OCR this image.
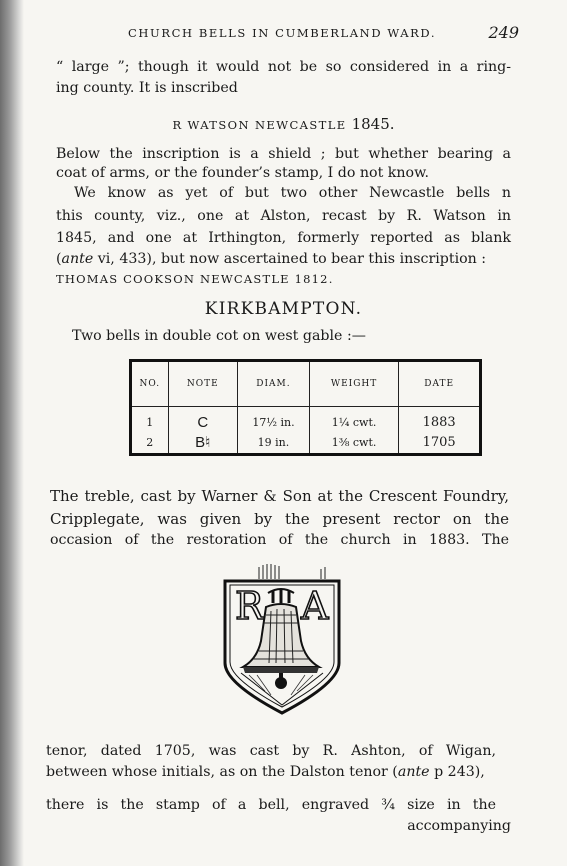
CHURCH BELLS IN CUMBERLAND WARD.	249
“ large ”; though it would not be so considered in a ring-
ing county. It is inscribed
R WATSON NEWCASTLE 1845.
Below the inscription is a shield ; but whether bearing a
coat of arms, or the founder’s stamp, I do not know.
We know as yet of but two other Newcastle bells n
this county, viz., one at Alston, recast by R. Watson in
1845, and one at Irthington, formerly reported as blank
(ante vi, 433), but now ascertained to bear this inscription :
THOMAS COOKSON NEWCASTLE 1812.
KIRKBAMPTON.
Two bells in double cot on west gable :—
NO.	NOTE	DIAM.	WEIGHT	DATE
1	C	17½ in.	1¼ cwt.	1883
2	B♮	19 in.	1⅜ cwt.	1705
The treble, cast by Warner & Son at the Crescent Foundry,
Cripplegate, was given by the present rector on the
occasion of the restoration of the church in 1883. The
R A
tenor, dated 1705, was cast by R. Ashton, of Wigan,
between whose initials, as on the Dalston tenor (ante p 243),
there is the stamp of a bell, engraved ¾ size in the
accompanying
